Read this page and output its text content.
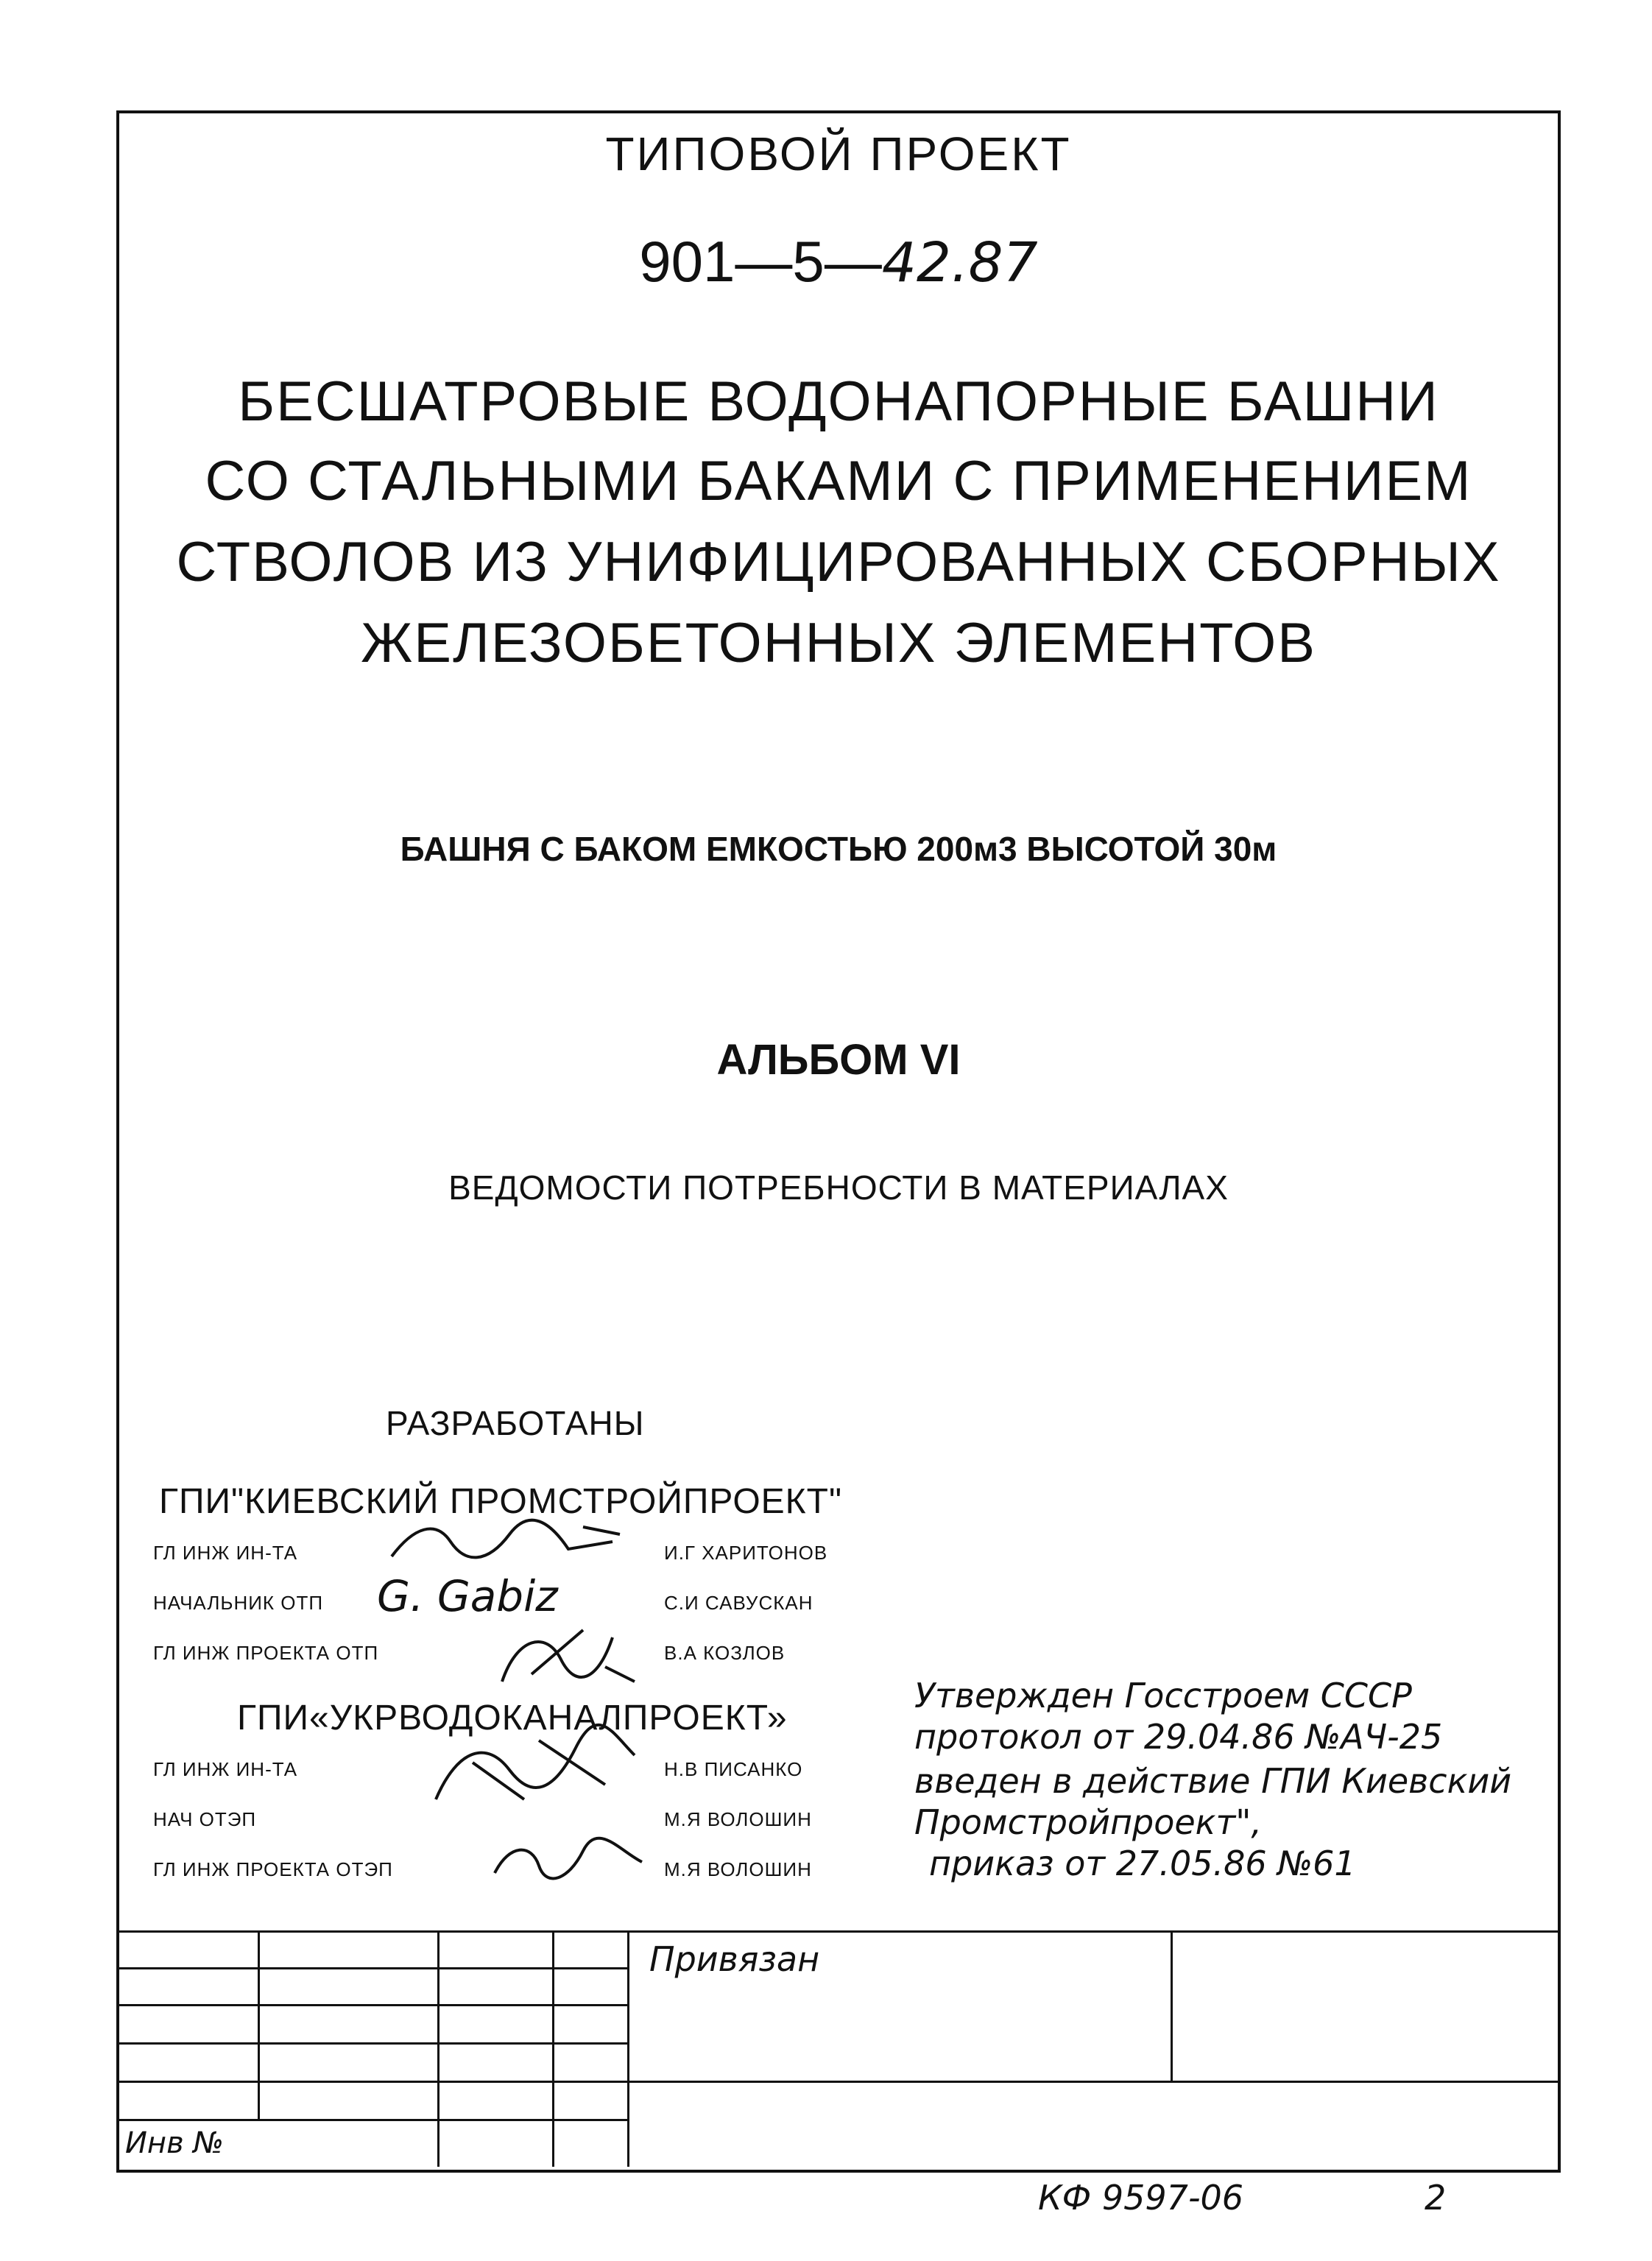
ТИПОВОЙ ПРОЕКТ
901—5—42.87
БЕСШАТРОВЫЕ ВОДОНАПОРНЫЕ БАШНИ
СО СТАЛЬНЫМИ БАКАМИ С ПРИМЕНЕНИЕМ
СТВОЛОВ ИЗ УНИФИЦИРОВАННЫХ СБОРНЫХ
ЖЕЛЕЗОБЕТОННЫХ ЭЛЕМЕНТОВ
БАШНЯ С БАКОМ ЕМКОСТЬЮ 200м3 ВЫСОТОЙ 30м
АЛЬБОМ VI
ВЕДОМОСТИ ПОТРЕБНОСТИ В МАТЕРИАЛАХ
РАЗРАБОТАНЫ
ГПИ"КИЕВСКИЙ ПРОМСТРОЙПРОЕКТ"
ГЛ ИНЖ ИН-ТА	И.Г ХАРИТОНОВ
НАЧАЛЬНИК ОТП G. Gabiz	С.И САВУСКАН
ГЛ ИНЖ ПРОЕКТА ОТП	В.А КОЗЛОВ
ГПИ«УКРВОДОКАНАЛПРОЕКТ»
ГЛ ИНЖ ИН-ТА	Н.В ПИСАНКО
НАЧ ОТЭП	М.Я ВОЛОШИН
ГЛ ИНЖ ПРОЕКТА ОТЭП	М.Я ВОЛОШИН
Утвержден Госстроем СССР
протокол от 29.04.86 №АЧ-25
введен в действие ГПИ Киевский
Промстройпроект",
приказ от 27.05.86 №61
Привязан
Инв №
КФ 9597-06	2
